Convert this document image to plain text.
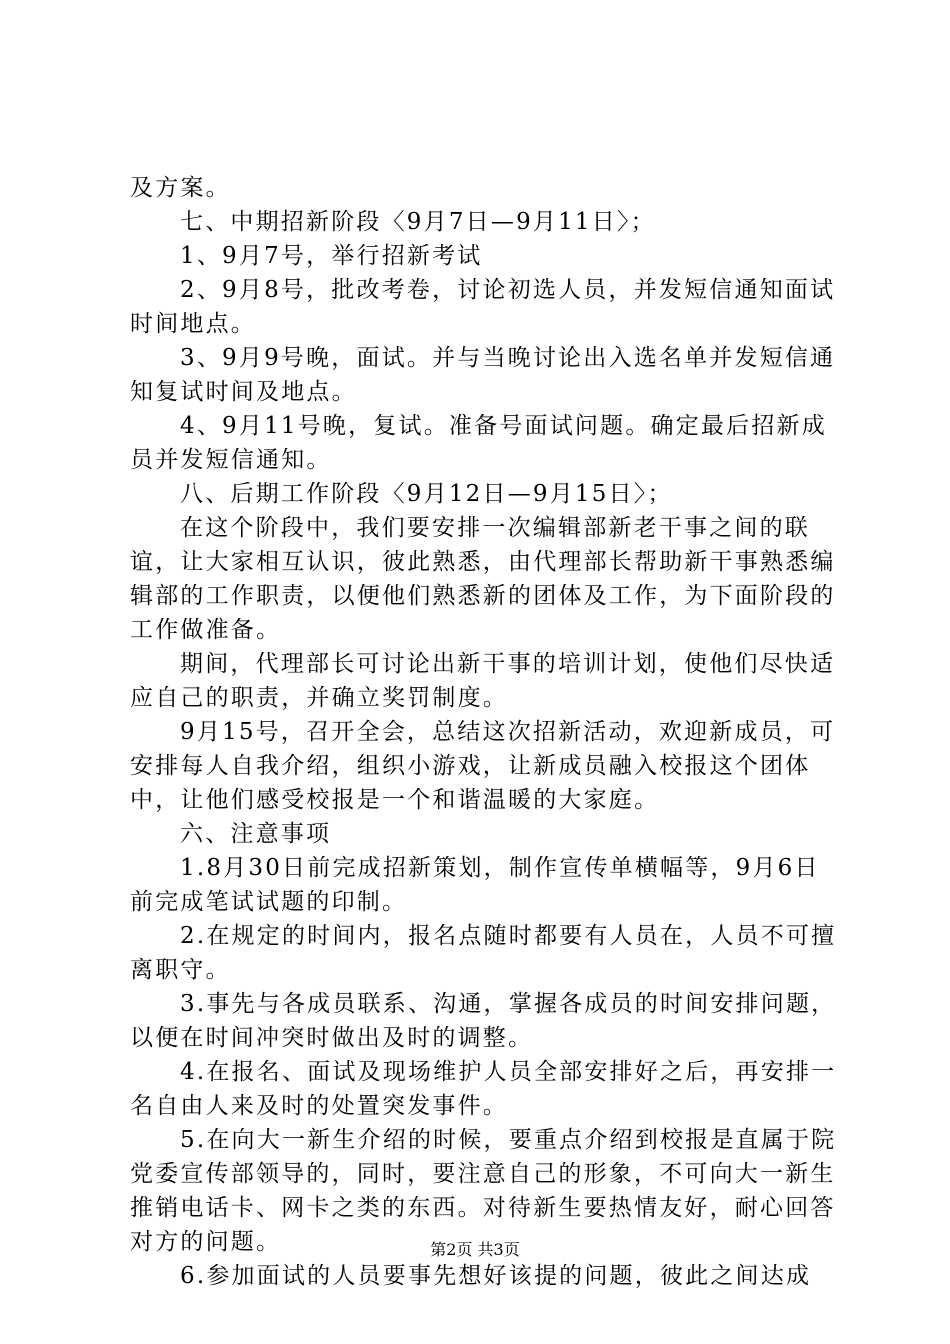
及方案。

七、中期招新阶段〈9月7日—9月11日〉；

1、9月7号，举行招新考试

2、9月8号，批改考卷，讨论初选人员，并发短信通知面试时间地点。

3、9月9号晚，面试。并与当晚讨论出入选名单并发短信通知复试时间及地点。

4、9月11号晚，复试。准备号面试问题。确定最后招新成员并发短信通知。

八、后期工作阶段〈9月12日—9月15日〉；

在这个阶段中，我们要安排一次编辑部新老干事之间的联谊，让大家相互认识，彼此熟悉，由代理部长帮助新干事熟悉编辑部的工作职责，以便他们熟悉新的团体及工作，为下面阶段的工作做准备。

期间，代理部长可讨论出新干事的培训计划，使他们尽快适应自己的职责，并确立奖罚制度。

9月15号，召开全会，总结这次招新活动，欢迎新成员，可安排每人自我介绍，组织小游戏，让新成员融入校报这个团体中，让他们感受校报是一个和谐温暖的大家庭。

六、注意事项

1.8月30日前完成招新策划，制作宣传单横幅等，9月6日前完成笔试试题的印制。

2.在规定的时间内，报名点随时都要有人员在，人员不可擅离职守。

3.事先与各成员联系、沟通，掌握各成员的时间安排问题，以便在时间冲突时做出及时的调整。

4.在报名、面试及现场维护人员全部安排好之后，再安排一名自由人来及时的处置突发事件。

5.在向大一新生介绍的时候，要重点介绍到校报是直属于院党委宣传部领导的，同时，要注意自己的形象，不可向大一新生推销电话卡、网卡之类的东西。对待新生要热情友好，耐心回答对方的问题。

6.参加面试的人员要事先想好该提的问题，彼此之间达成

第2页 共3页
